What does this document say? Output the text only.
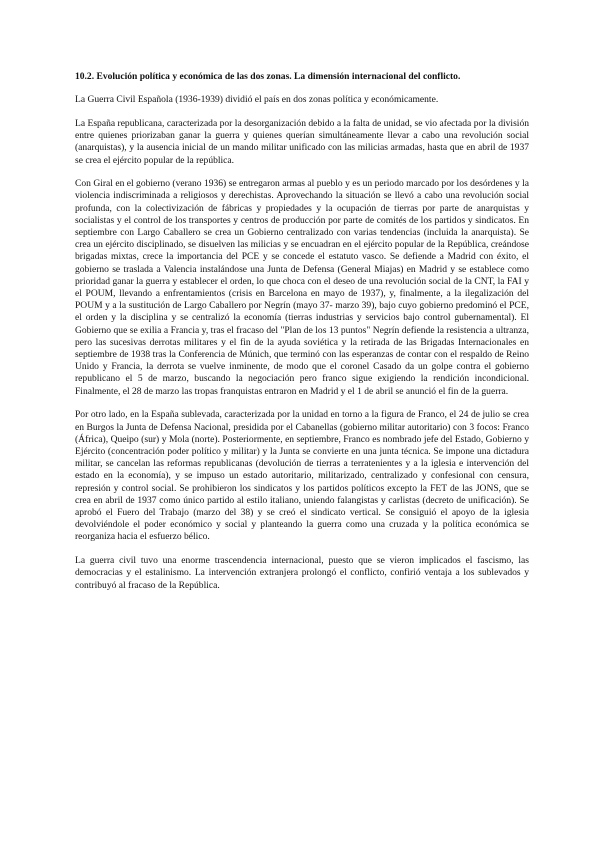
10.2. Evolución política y económica de las dos zonas. La dimensión internacional del conflicto.

La Guerra Civil Española (1936-1939) dividió el país en dos zonas política y económicamente.

La España republicana, caracterizada por la desorganización debido a la falta de unidad, se vio afectada por la división entre quienes priorizaban ganar la guerra y quienes querían simultáneamente llevar a cabo una revolución social (anarquistas), y la ausencia inicial de un mando militar unificado con las milicias armadas, hasta que en abril de 1937 se crea el ejército popular de la república.

Con Giral en el gobierno (verano 1936) se entregaron armas al pueblo y es un periodo marcado por los desórdenes y la violencia indiscriminada a religiosos y derechistas. Aprovechando la situación se llevó a cabo una revolución social profunda, con la colectivización de fábricas y propiedades y la ocupación de tierras por parte de anarquistas y socialistas y el control de los transportes y centros de producción por parte de comités de los partidos y sindicatos. En septiembre con Largo Caballero se crea un Gobierno centralizado con varias tendencias (incluida la anarquista). Se crea un ejército disciplinado, se disuelven las milicias y se encuadran en el ejército popular de la República, creándose brigadas mixtas, crece la importancia del PCE y se concede el estatuto vasco. Se defiende a Madrid con éxito, el gobierno se traslada a Valencia instalándose una Junta de Defensa (General Miajas) en Madrid y se establece como prioridad ganar la guerra y establecer el orden, lo que choca con el deseo de una revolución social de la CNT, la FAI y el POUM, llevando a enfrentamientos (crisis en Barcelona en mayo de 1937), y, finalmente, a la ilegalización del POUM y a la sustitución de Largo Caballero por Negrín (mayo 37- marzo 39), bajo cuyo gobierno predominó el PCE, el orden y la disciplina y se centralizó la economía (tierras industrias y servicios bajo control gubernamental). El Gobierno que se exilia a Francia y, tras el fracaso del "Plan de los 13 puntos" Negrín defiende la resistencia a ultranza, pero las sucesivas derrotas militares y el fin de la ayuda soviética y la retirada de las Brigadas Internacionales en septiembre de 1938 tras la Conferencia de Múnich, que terminó con las esperanzas de contar con el respaldo de Reino Unido y Francia, la derrota se vuelve inminente, de modo que el coronel Casado da un golpe contra el gobierno republicano el 5 de marzo, buscando la negociación pero franco sigue exigiendo la rendición incondicional. Finalmente, el 28 de marzo las tropas franquistas entraron en Madrid y el 1 de abril se anunció el fin de la guerra.

Por otro lado, en la España sublevada, caracterizada por la unidad en torno a la figura de Franco, el 24 de julio se crea en Burgos la Junta de Defensa Nacional, presidida por el Cabanellas (gobierno militar autoritario) con 3 focos: Franco (África), Queipo (sur) y Mola (norte). Posteriormente, en septiembre, Franco es nombrado jefe del Estado, Gobierno y Ejército (concentración poder político y militar) y la Junta se convierte en una junta técnica. Se impone una dictadura militar, se cancelan las reformas republicanas (devolución de tierras a terratenientes y a la iglesia e intervención del estado en la economía), y se impuso un estado autoritario, militarizado, centralizado y confesional con censura, represión y control social. Se prohibieron los sindicatos y los partidos políticos excepto la FET de las JONS, que se crea en abril de 1937 como único partido al estilo italiano, uniendo falangistas y carlistas (decreto de unificación). Se aprobó el Fuero del Trabajo (marzo del 38) y se creó el sindicato vertical. Se consiguió el apoyo de la iglesia devolviéndole el poder económico y social y planteando la guerra como una cruzada y la política económica se reorganiza hacia el esfuerzo bélico.

La guerra civil tuvo una enorme trascendencia internacional, puesto que se vieron implicados el fascismo, las democracias y el estalinismo. La intervención extranjera prolongó el conflicto, confirió ventaja a los sublevados y contribuyó al fracaso de la República.
